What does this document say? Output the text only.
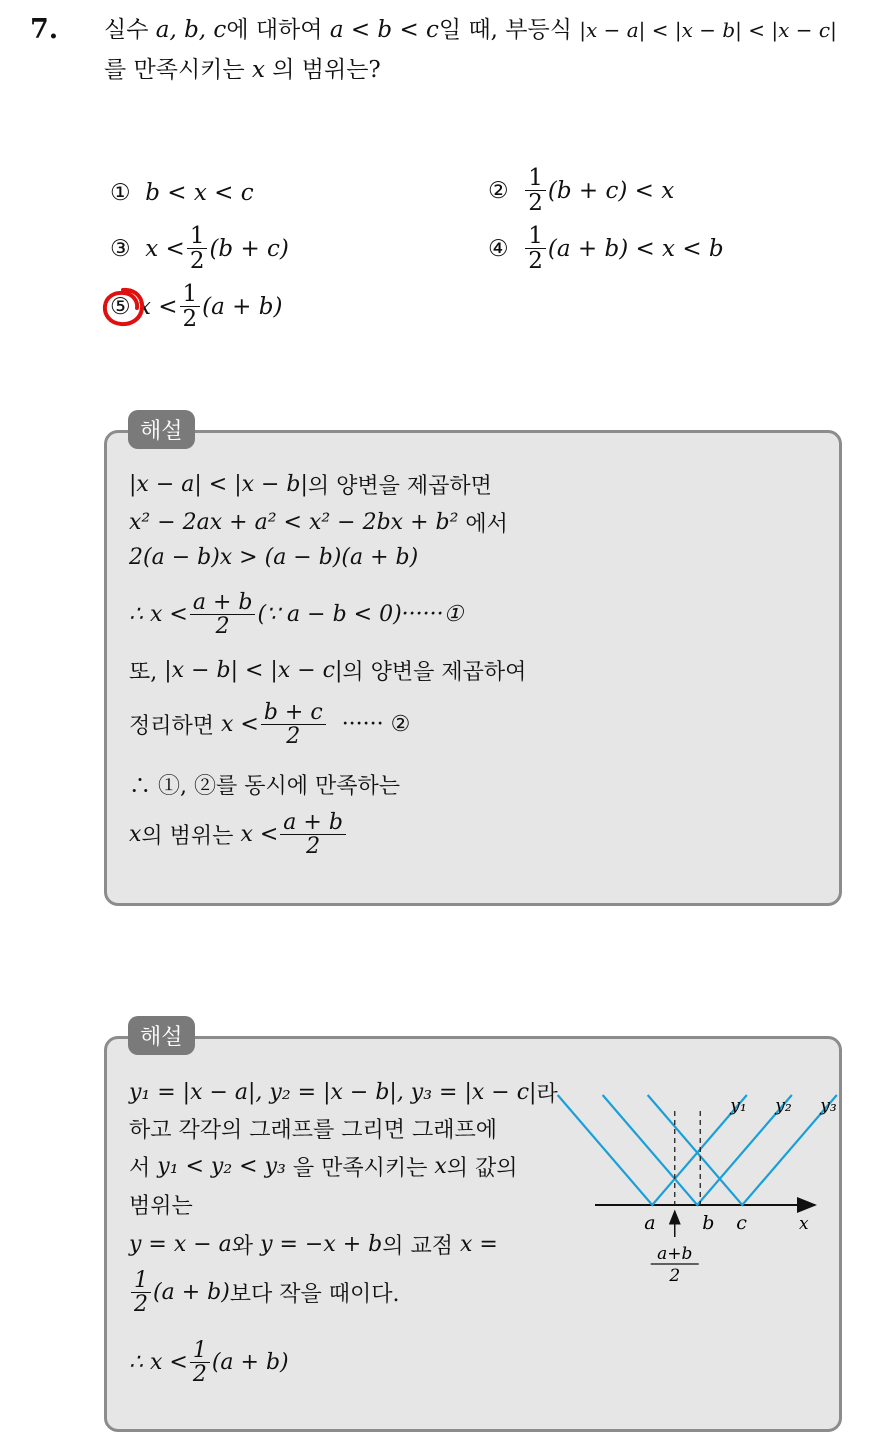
7. 실수 a, b, c에 대하여 a < b < c일 때, 부등식 |x − a| < |x − b| < |x − c|
를 만족시키는 x 의 범위는?
①
b < x < c	②
$\frac{1}{2} (b + c) < x$
③
$x < \frac{1}{2} (b + c)$	④
$\frac{1}{2} (a + b) < x < b$
⑤
$x < \frac{1}{2} (a + b)$
|x − a| < |x − b| 의 양변을 제곱하면
x² − 2ax + a² < x² − 2bx + b²
에서
2(a − b)x > (a − b)(a + b)
∴ $x < \frac{a + b}{2}$ (∵ a − b < 0)······①
또,
|x − b| < |x − c| 의 양변을 제곱하여
정리하면
$x < \frac{b + c}{2}$
······ ②
∴ ①, ②를 동시에 만족하는
x 의 범위는
$x < \frac{a + b}{2}$
해설
y₁ = |x − a|, y₂ = |x − b|, y₃ = |x − c| 라
하고 각각의 그래프를 그리면 그래프에
서
y₁ < y₂ < y₃
을 만족시키는
x 의 값의
범위는
y = x − a 와
y = −x + b 의 교점
x =
$\frac{1}{2} (a + b)$ 보다 작을 때이다.
∴ $x < \frac{1}{2} (a + b)$
y₁ y₂ y₃
a b c	x
a+b
2
해설
